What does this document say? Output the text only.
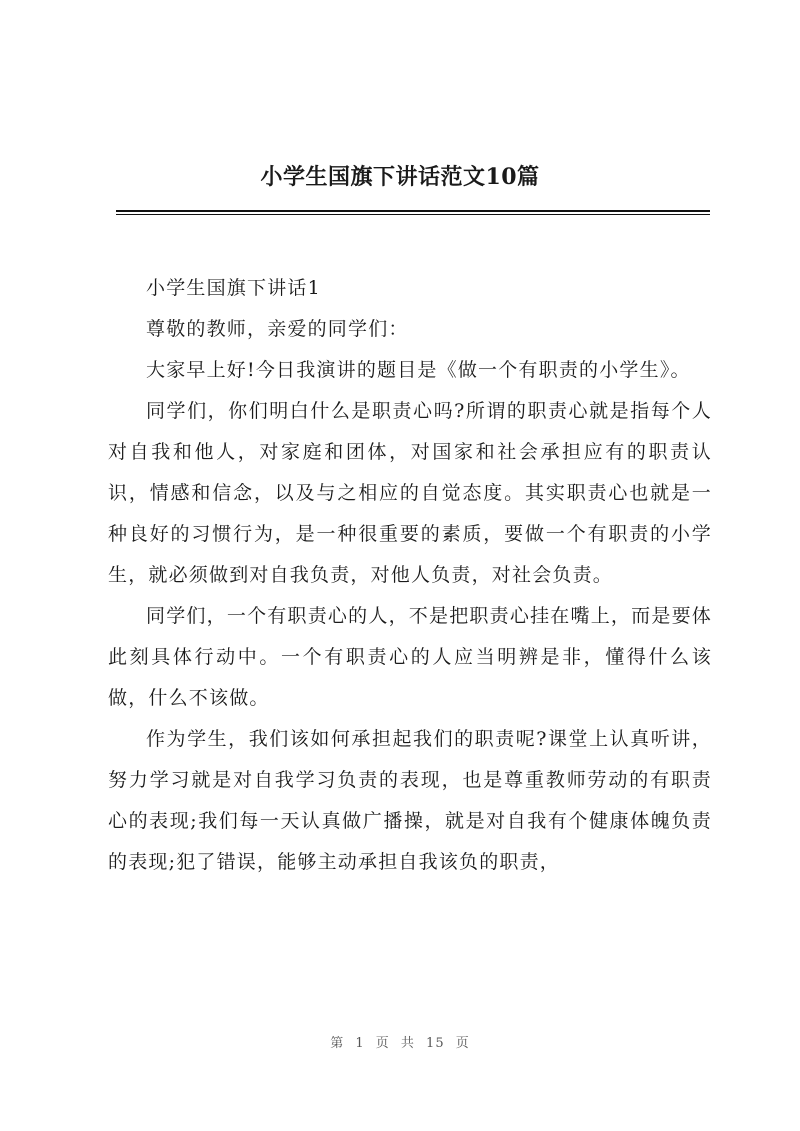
小学生国旗下讲话范文10篇

小学生国旗下讲话1

尊敬的教师，亲爱的同学们：

大家早上好!今日我演讲的题目是《做一个有职责的小学生》。

同学们，你们明白什么是职责心吗?所谓的职责心就是指每个人对自我和他人，对家庭和团体，对国家和社会承担应有的职责认识，情感和信念，以及与之相应的自觉态度。其实职责心也就是一种良好的习惯行为，是一种很重要的素质，要做一个有职责的小学生，就必须做到对自我负责，对他人负责，对社会负责。

同学们，一个有职责心的人，不是把职责心挂在嘴上，而是要体此刻具体行动中。一个有职责心的人应当明辨是非，懂得什么该做，什么不该做。

作为学生，我们该如何承担起我们的职责呢?课堂上认真听讲，努力学习就是对自我学习负责的表现，也是尊重教师劳动的有职责心的表现;我们每一天认真做广播操，就是对自我有个健康体魄负责的表现;犯了错误，能够主动承担自我该负的职责，

第 1 页 共 15 页
